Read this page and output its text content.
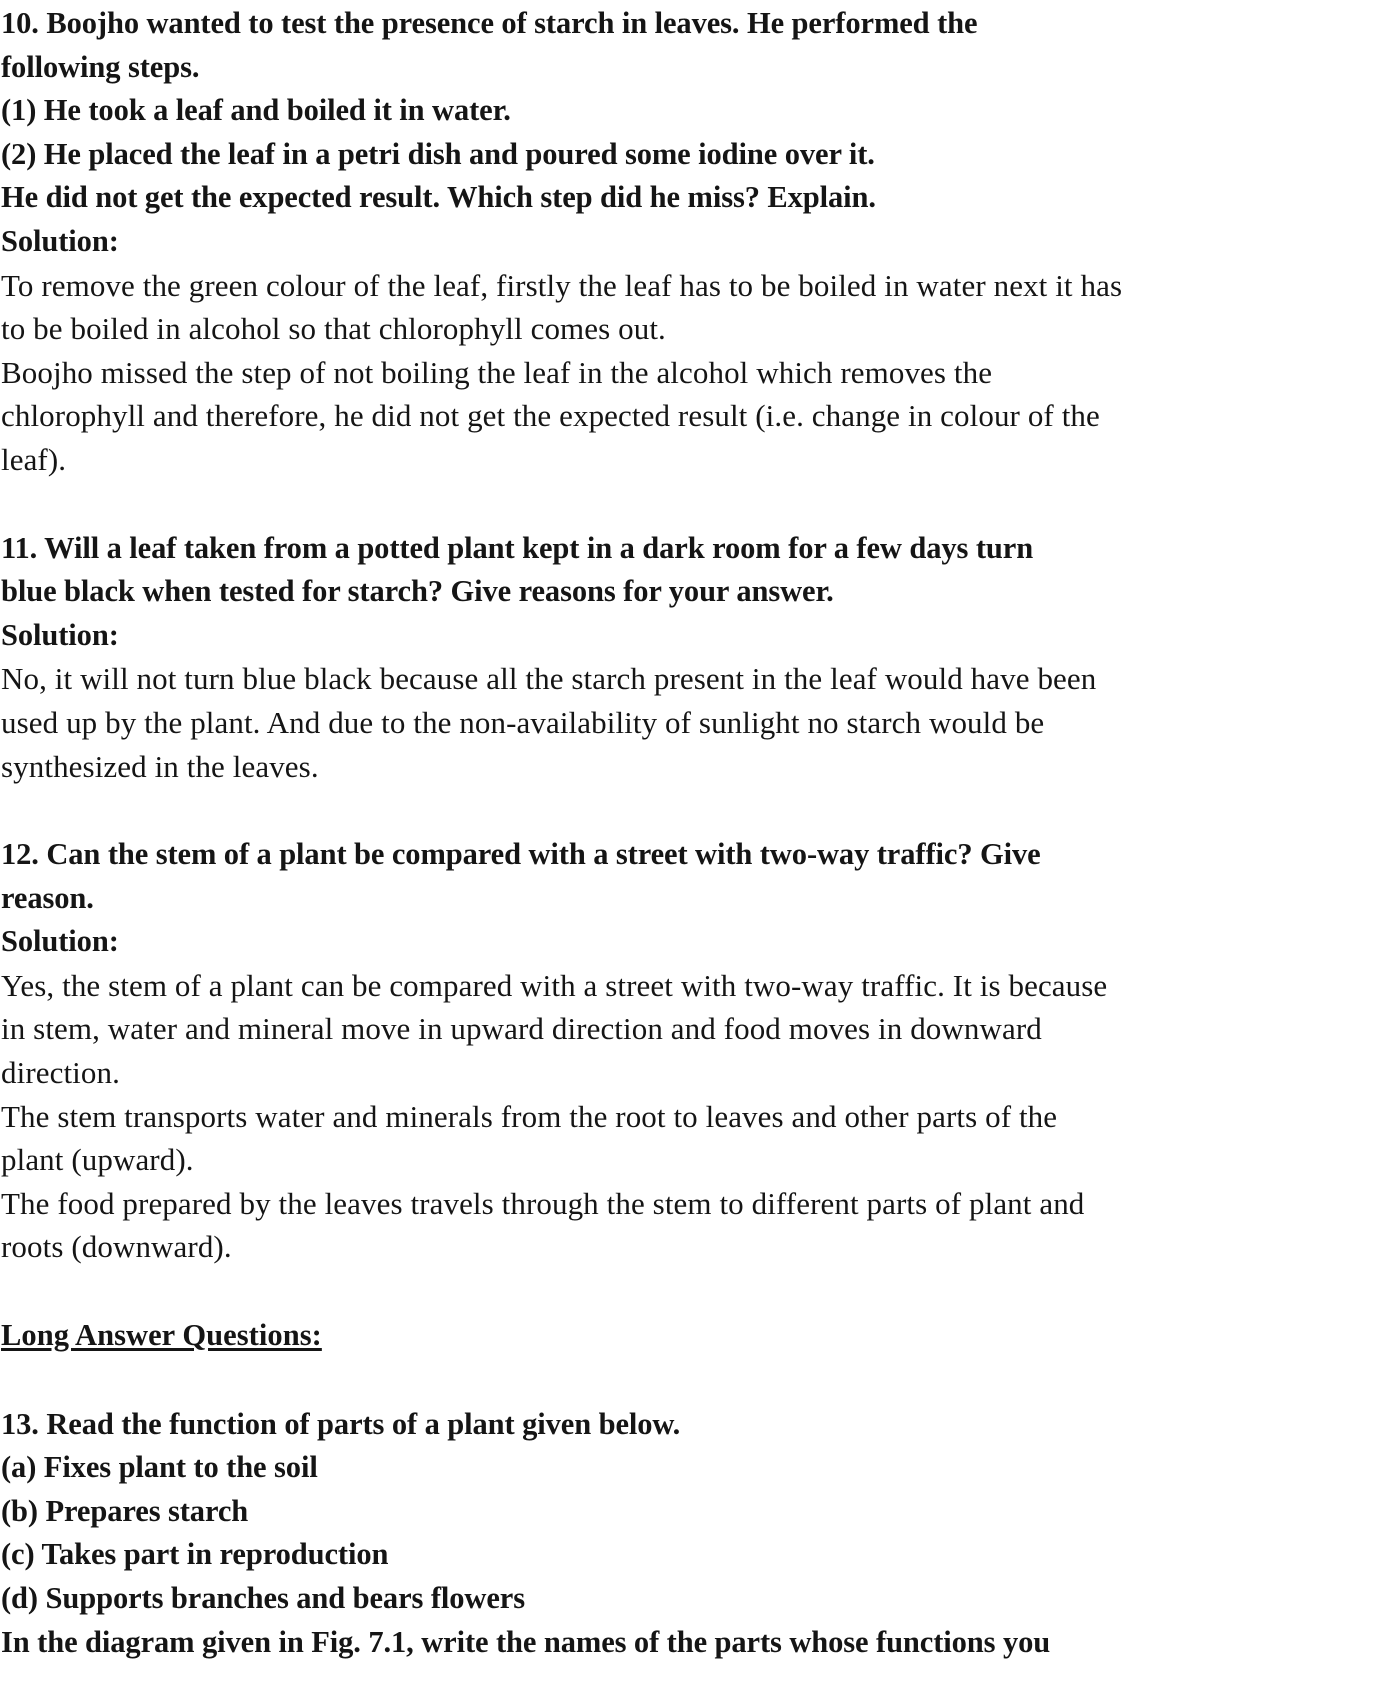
10. Boojho wanted to test the presence of starch in leaves. He performed the
following steps.
(1) He took a leaf and boiled it in water.
(2) He placed the leaf in a petri dish and poured some iodine over it.
He did not get the expected result. Which step did he miss? Explain.
Solution:
To remove the green colour of the leaf, firstly the leaf has to be boiled in water next it has
to be boiled in alcohol so that chlorophyll comes out.
Boojho missed the step of not boiling the leaf in the alcohol which removes the
chlorophyll and therefore, he did not get the expected result (i.e. change in colour of the
leaf).
11. Will a leaf taken from a potted plant kept in a dark room for a few days turn
blue black when tested for starch? Give reasons for your answer.
Solution:
No, it will not turn blue black because all the starch present in the leaf would have been
used up by the plant. And due to the non-availability of sunlight no starch would be
synthesized in the leaves.
12. Can the stem of a plant be compared with a street with two-way traffic? Give
reason.
Solution:
Yes, the stem of a plant can be compared with a street with two-way traffic. It is because
in stem, water and mineral move in upward direction and food moves in downward
direction.
The stem transports water and minerals from the root to leaves and other parts of the
plant (upward).
The food prepared by the leaves travels through the stem to different parts of plant and
roots (downward).
Long Answer Questions:
13. Read the function of parts of a plant given below.
(a) Fixes plant to the soil
(b) Prepares starch
(c) Takes part in reproduction
(d) Supports branches and bears flowers
In the diagram given in Fig. 7.1, write the names of the parts whose functions you
